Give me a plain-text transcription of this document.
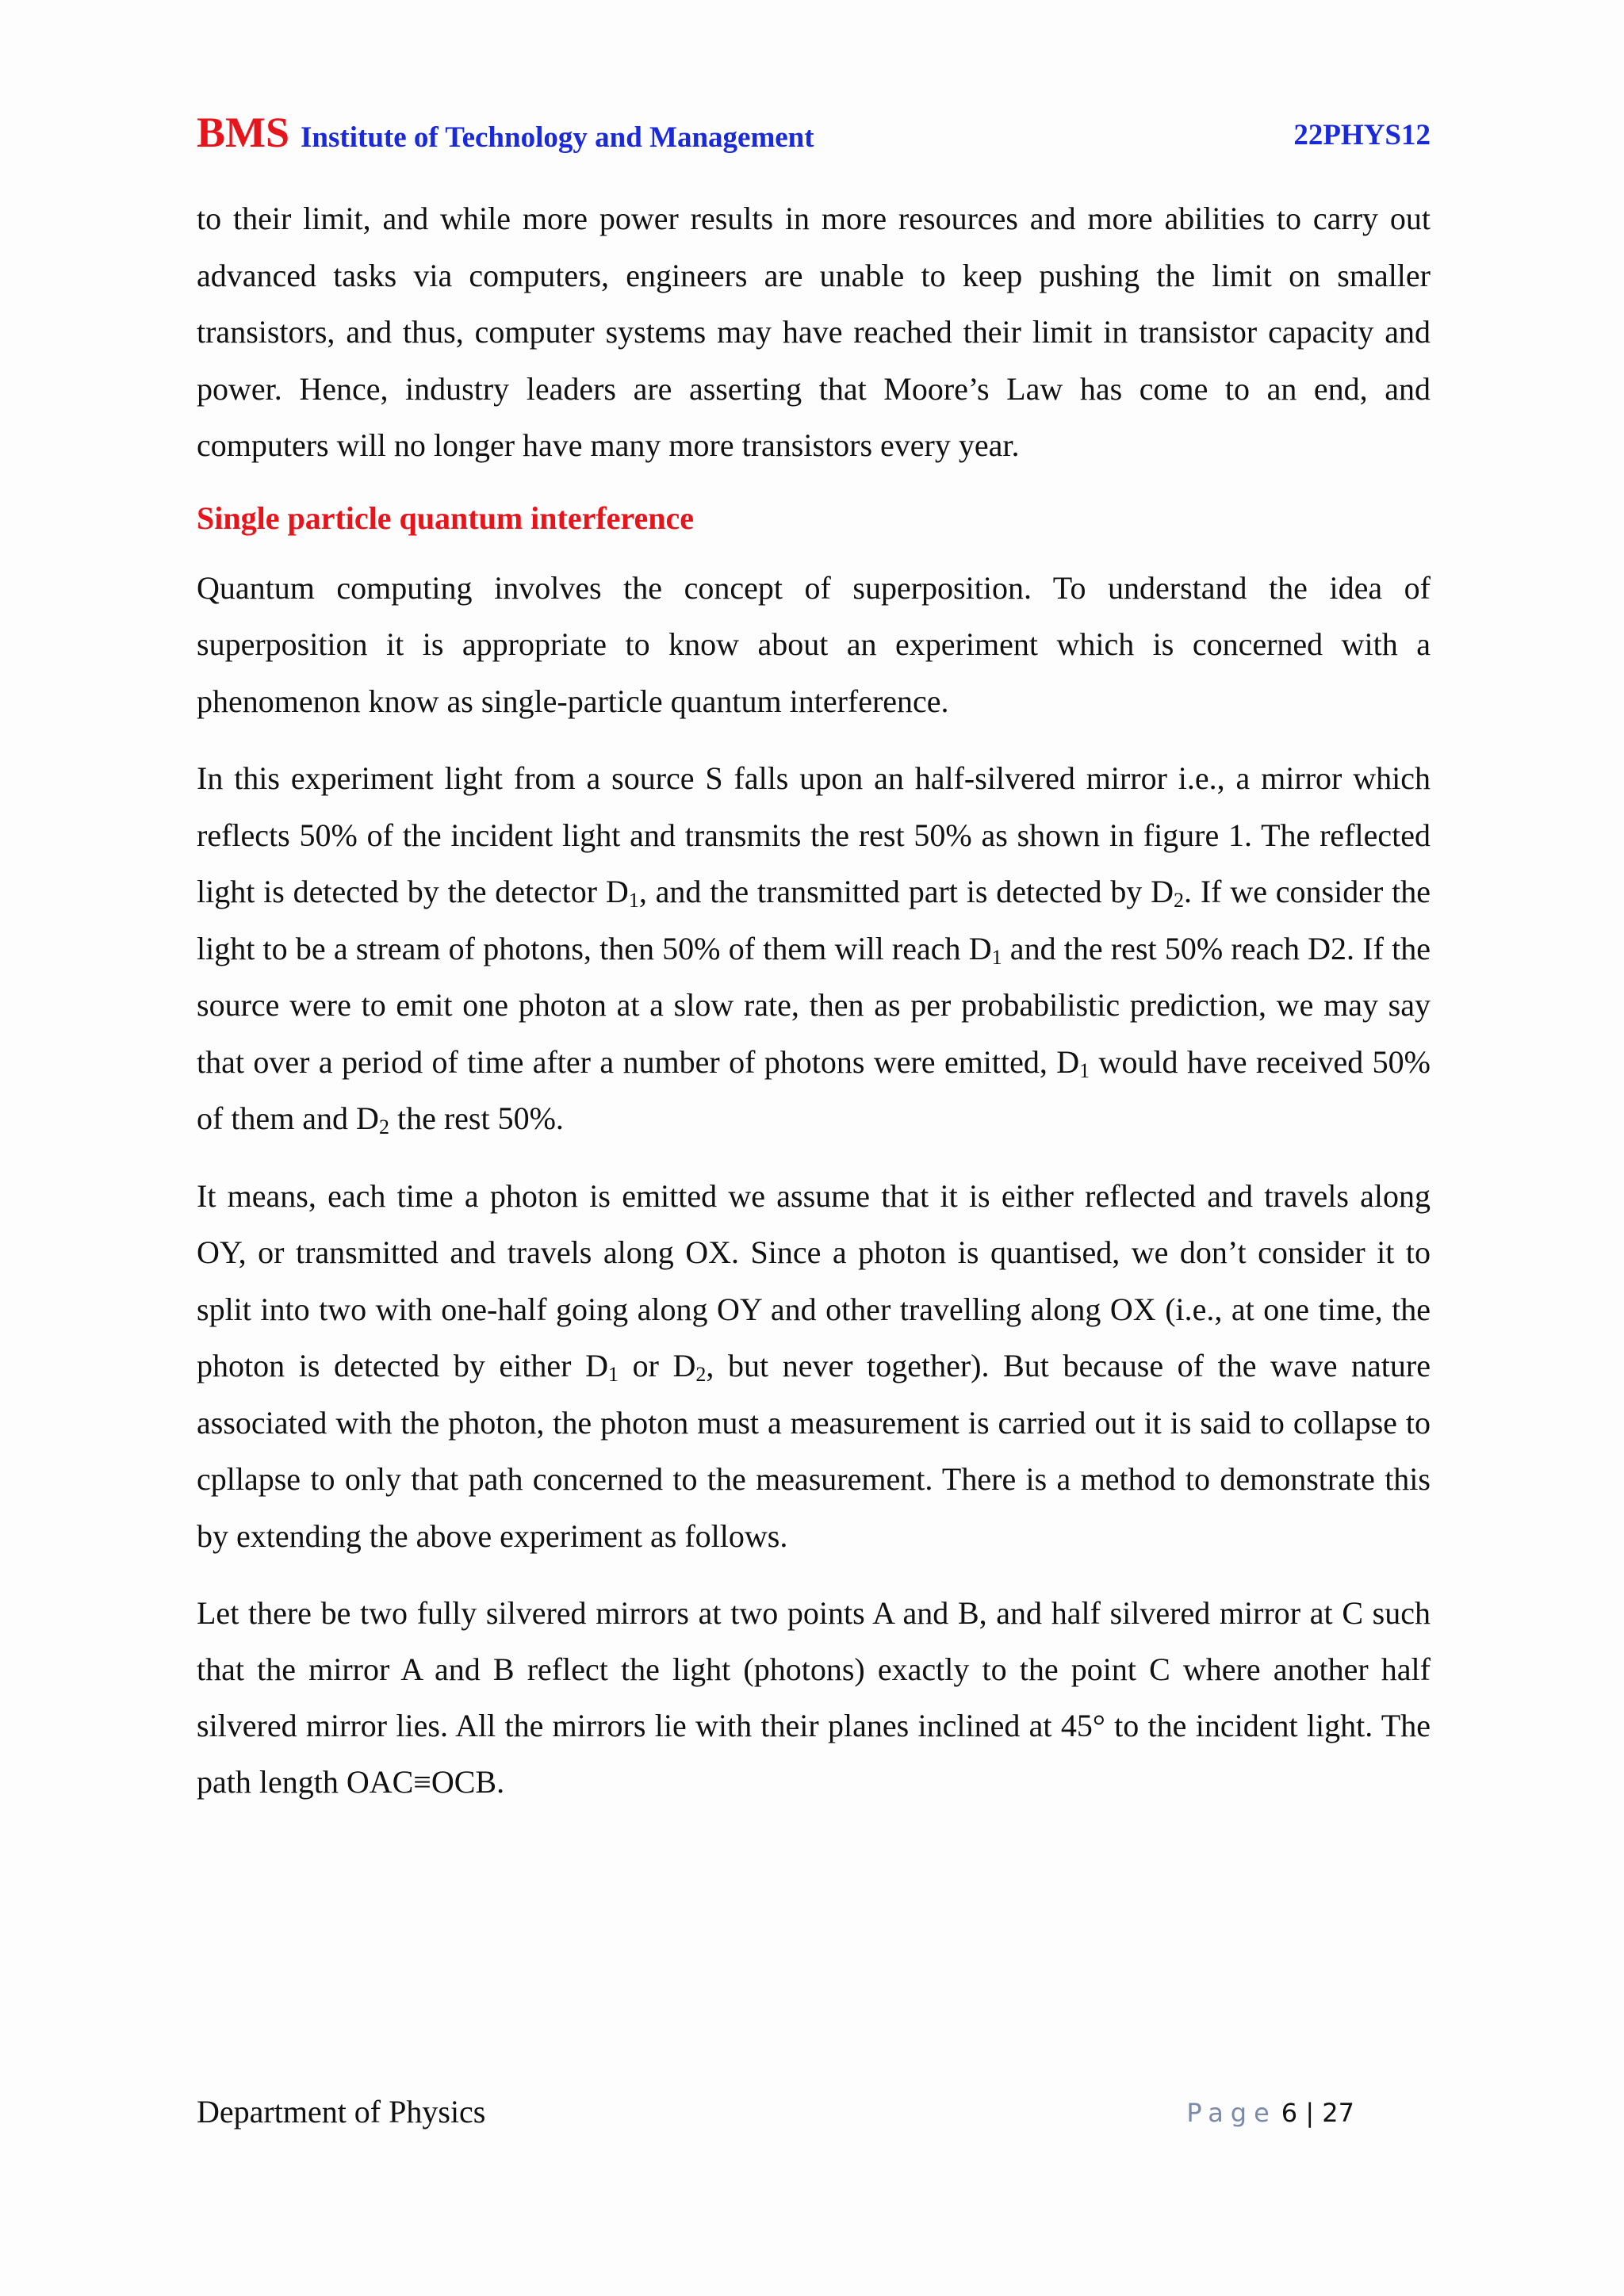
BMS Institute of Technology and Management	22PHYS12

to their limit, and while more power results in more resources and more abilities to carry out advanced tasks via computers, engineers are unable to keep pushing the limit on smaller transistors, and thus, computer systems may have reached their limit in transistor capacity and power. Hence, industry leaders are asserting that Moore’s Law has come to an end, and computers will no longer have many more transistors every year.

Single particle quantum interference

Quantum computing involves the concept of superposition. To understand the idea of superposition it is appropriate to know about an experiment which is concerned with a phenomenon know as single-particle quantum interference.

In this experiment light from a source S falls upon an half-silvered mirror i.e., a mirror which reflects 50% of the incident light and transmits the rest 50% as shown in figure 1. The reflected light is detected by the detector $D_1$, and the transmitted part is detected by $D_2$. If we consider the light to be a stream of photons, then 50% of them will reach $D_1$ and the rest 50% reach D2. If the source were to emit one photon at a slow rate, then as per probabilistic prediction, we may say that over a period of time after a number of photons were emitted, $D_1$ would have received 50% of them and $D_2$ the rest 50%.

It means, each time a photon is emitted we assume that it is either reflected and travels along OY, or transmitted and travels along OX. Since a photon is quantised, we don’t consider it to split into two with one-half going along OY and other travelling along OX (i.e., at one time, the photon is detected by either $D_1$ or $D_2$, but never together). But because of the wave nature associated with the photon, the photon must a measurement is carried out it is said to collapse to cpllapse to only that path concerned to the measurement. There is a method to demonstrate this by extending the above experiment as follows.

Let there be two fully silvered mirrors at two points A and B, and half silvered mirror at C such that the mirror A and B reflect the light (photons) exactly to the point C where another half silvered mirror lies. All the mirrors lie with their planes inclined at 45° to the incident light. The path length OAC≡OCB.

Department of Physics	Page 6 | 27
